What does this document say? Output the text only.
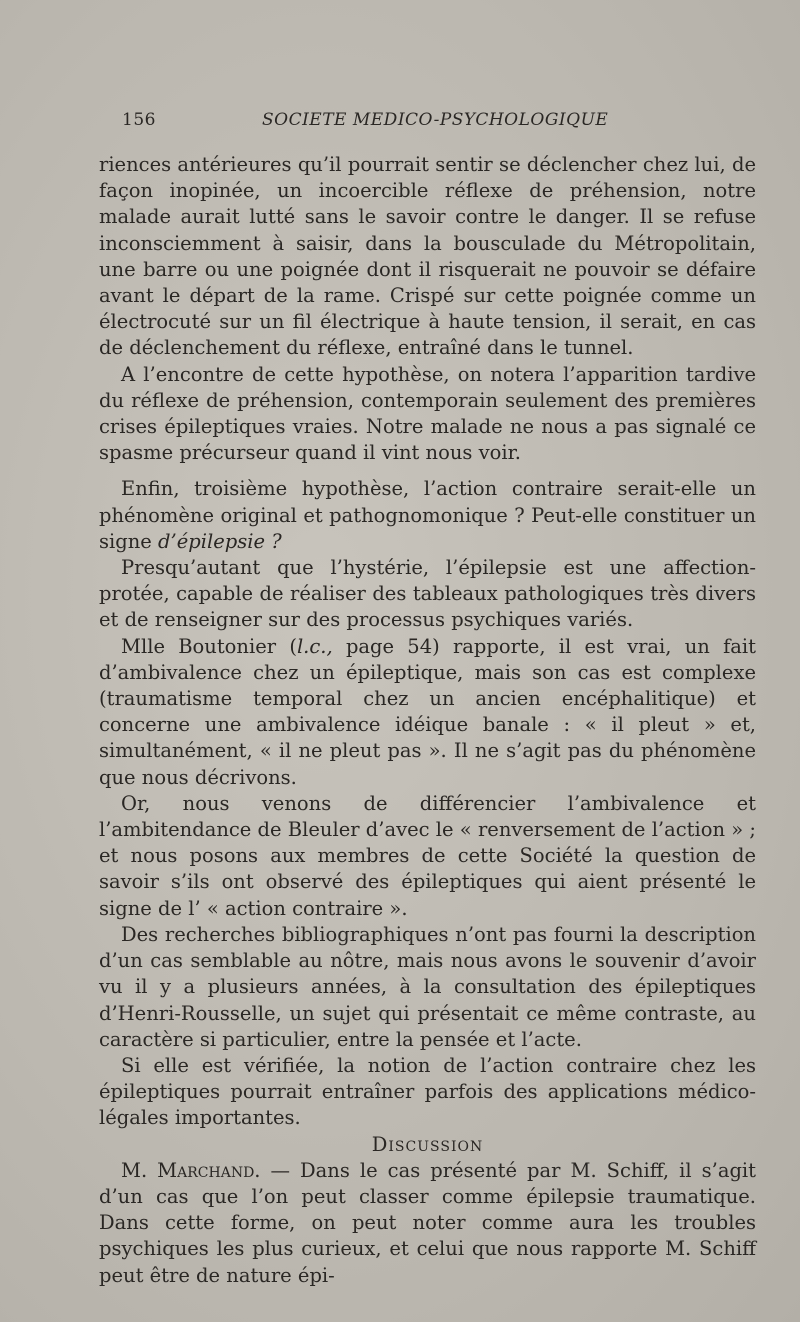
156	SOCIETE MEDICO-PSYCHOLOGIQUE

riences antérieures qu’il pourrait sentir se déclencher chez lui, de façon inopinée, un incoercible réflexe de préhension, notre malade aurait lutté sans le savoir contre le danger. Il se refuse inconsciemment à saisir, dans la bousculade du Métropolitain, une barre ou une poignée dont il risquerait ne pouvoir se défaire avant le départ de la rame. Crispé sur cette poignée comme un électrocuté sur un fil électrique à haute tension, il serait, en cas de déclenchement du réflexe, entraîné dans le tunnel.

A l’encontre de cette hypothèse, on notera l’apparition tardive du réflexe de préhension, contemporain seulement des premières crises épileptiques vraies. Notre malade ne nous a pas signalé ce spasme précurseur quand il vint nous voir.

Enfin, troisième hypothèse, l’action contraire serait-elle un phénomène original et pathognomonique ? Peut-elle constituer un signe d’épilepsie ?

Presqu’autant que l’hystérie, l’épilepsie est une affection-protée, capable de réaliser des tableaux pathologiques très divers et de renseigner sur des processus psychiques variés.

Mlle Boutonier (l.c., page 54) rapporte, il est vrai, un fait d’ambivalence chez un épileptique, mais son cas est complexe (traumatisme temporal chez un ancien encéphalitique) et concerne une ambivalence idéique banale : « il pleut » et, simultanément, « il ne pleut pas ». Il ne s’agit pas du phénomène que nous décrivons.

Or, nous venons de différencier l’ambivalence et l’ambitendance de Bleuler d’avec le « renversement de l’action » ; et nous posons aux membres de cette Société la question de savoir s’ils ont observé des épileptiques qui aient présenté le signe de l’ « action contraire ».

Des recherches bibliographiques n’ont pas fourni la description d’un cas semblable au nôtre, mais nous avons le souvenir d’avoir vu il y a plusieurs années, à la consultation des épileptiques d’Henri-Rousselle, un sujet qui présentait ce même contraste, au caractère si particulier, entre la pensée et l’acte.

Si elle est vérifiée, la notion de l’action contraire chez les épileptiques pourrait entraîner parfois des applications médico-légales importantes.

Discussion

M. Marchand. — Dans le cas présenté par M. Schiff, il s’agit d’un cas que l’on peut classer comme épilepsie traumatique. Dans cette forme, on peut noter comme aura les troubles psychiques les plus curieux, et celui que nous rapporte M. Schiff peut être de nature épi-
